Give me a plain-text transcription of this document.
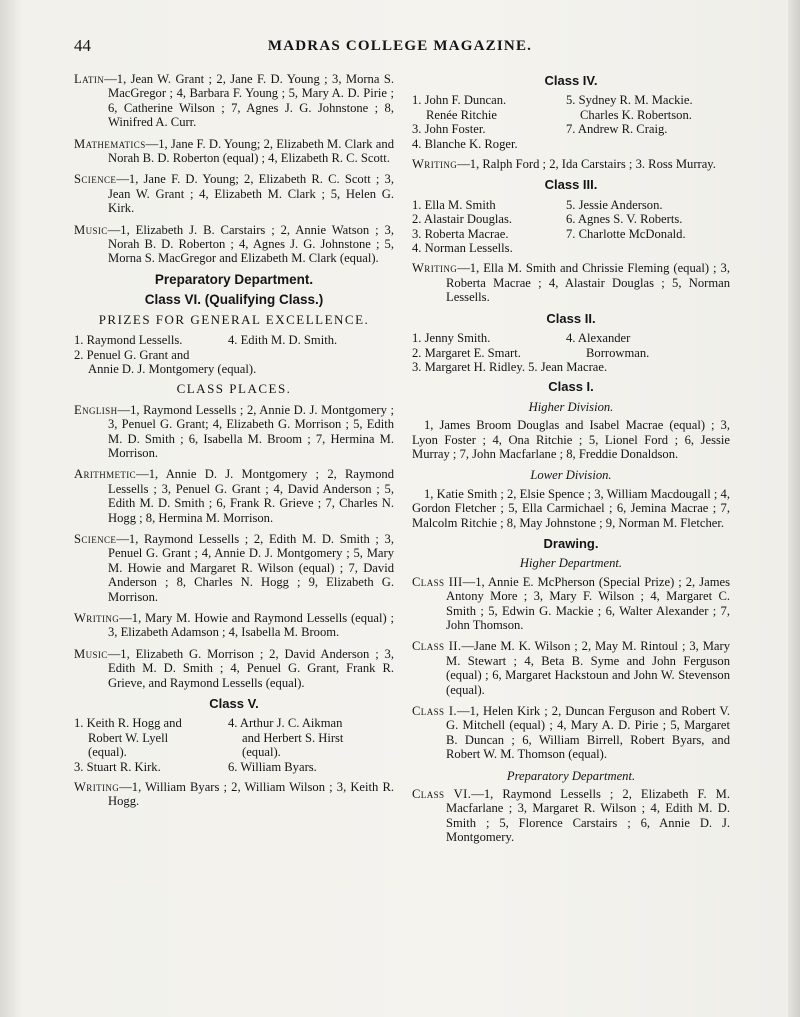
44	MADRAS COLLEGE MAGAZINE.

Latin—1, Jean W. Grant ; 2, Jane F. D. Young ; 3, Morna S. MacGregor ; 4, Barbara F. Young ; 5, Mary A. D. Pirie ; 6, Catherine Wilson ; 7, Agnes J. G. Johnstone ; 8, Winifred A. Curr.

Mathematics—1, Jane F. D. Young; 2, Elizabeth M. Clark and Norah B. D. Roberton (equal) ; 4, Elizabeth R. C. Scott.

Science—1, Jane F. D. Young; 2, Elizabeth R. C. Scott ; 3, Jean W. Grant ; 4, Elizabeth M. Clark ; 5, Helen G. Kirk.

Music—1, Elizabeth J. B. Carstairs ; 2, Annie Watson ; 3, Norah B. D. Roberton ; 4, Agnes J. G. Johnstone ; 5, Morna S. MacGregor and Elizabeth M. Clark (equal).

Preparatory Department.
Class VI. (Qualifying Class.)
PRIZES FOR GENERAL EXCELLENCE.
1. Raymond Lessells.	4. Edith M. D. Smith.
2. Penuel G. Grant and
Annie D. J. Montgomery (equal).
CLASS PLACES.

English—1, Raymond Lessells ; 2, Annie D. J. Montgomery ; 3, Penuel G. Grant; 4, Elizabeth G. Morrison ; 5, Edith M. D. Smith ; 6, Isabella M. Broom ; 7, Hermina M. Morrison.

Arithmetic—1, Annie D. J. Montgomery ; 2, Raymond Lessells ; 3, Penuel G. Grant ; 4, David Anderson ; 5, Edith M. D. Smith ; 6, Frank R. Grieve ; 7, Charles N. Hogg ; 8, Hermina M. Morrison.

Science—1, Raymond Lessells ; 2, Edith M. D. Smith ; 3, Penuel G. Grant ; 4, Annie D. J. Montgomery ; 5, Mary M. Howie and Margaret R. Wilson (equal) ; 7, David Anderson ; 8, Charles N. Hogg ; 9, Elizabeth G. Morrison.

Writing—1, Mary M. Howie and Raymond Lessells (equal) ; 3, Elizabeth Adamson ; 4, Isabella M. Broom.

Music—1, Elizabeth G. Morrison ; 2, David Anderson ; 3, Edith M. D. Smith ; 4, Penuel G. Grant, Frank R. Grieve, and Raymond Lessells (equal).

Class V.
1. Keith R. Hogg and	4. Arthur J. C. Aikman
Robert W. Lyell	and Herbert S. Hirst
(equal).	(equal).
3. Stuart R. Kirk.	6. William Byars.

Writing—1, William Byars ; 2, William Wilson ; 3, Keith R. Hogg.

Class IV.
1. John F. Duncan.	5. Sydney R. M. Mackie.
Renée Ritchie	Charles K. Robertson.
3. John Foster.	7. Andrew R. Craig.
4. Blanche K. Roger.

Writing—1, Ralph Ford ; 2, Ida Carstairs ; 3. Ross Murray.

Class III.
1. Ella M. Smith	5. Jessie Anderson.
2. Alastair Douglas.	6. Agnes S. V. Roberts.
3. Roberta Macrae.	7. Charlotte McDonald.
4. Norman Lessells.

Writing—1, Ella M. Smith and Chrissie Fleming (equal) ; 3, Roberta Macrae ; 4, Alastair Douglas ; 5, Norman Lessells.

Class II.
1. Jenny Smith.	4. Alexander
2. Margaret E. Smart.	Borrowman.
3. Margaret H. Ridley. 5. Jean Macrae.
Class I.
Higher Division.

1, James Broom Douglas and Isabel Macrae (equal) ; 3, Lyon Foster ; 4, Ona Ritchie ; 5, Lionel Ford ; 6, Jessie Murray ; 7, John Macfarlane ; 8, Freddie Donaldson.

Lower Division.

1, Katie Smith ; 2, Elsie Spence ; 3, William Macdougall ; 4, Gordon Fletcher ; 5, Ella Carmichael ; 6, Jemina Macrae ; 7, Malcolm Ritchie ; 8, May Johnstone ; 9, Norman M. Fletcher.

Drawing.
Higher Department.

Class III—1, Annie E. McPherson (Special Prize) ; 2, James Antony More ; 3, Mary F. Wilson ; 4, Margaret C. Smith ; 5, Edwin G. Mackie ; 6, Walter Alexander ; 7, John Thomson.

Class II.—Jane M. K. Wilson ; 2, May M. Rintoul ; 3, Mary M. Stewart ; 4, Beta B. Syme and John Ferguson (equal) ; 6, Margaret Hackstoun and John W. Stevenson (equal).

Class I.—1, Helen Kirk ; 2, Duncan Ferguson and Robert V. G. Mitchell (equal) ; 4, Mary A. D. Pirie ; 5, Margaret B. Duncan ; 6, William Birrell, Robert Byars, and Robert W. M. Thomson (equal).

Preparatory Department.

Class VI.—1, Raymond Lessells ; 2, Elizabeth F. M. Macfarlane ; 3, Margaret R. Wilson ; 4, Edith M. D. Smith ; 5, Florence Carstairs ; 6, Annie D. J. Montgomery.
